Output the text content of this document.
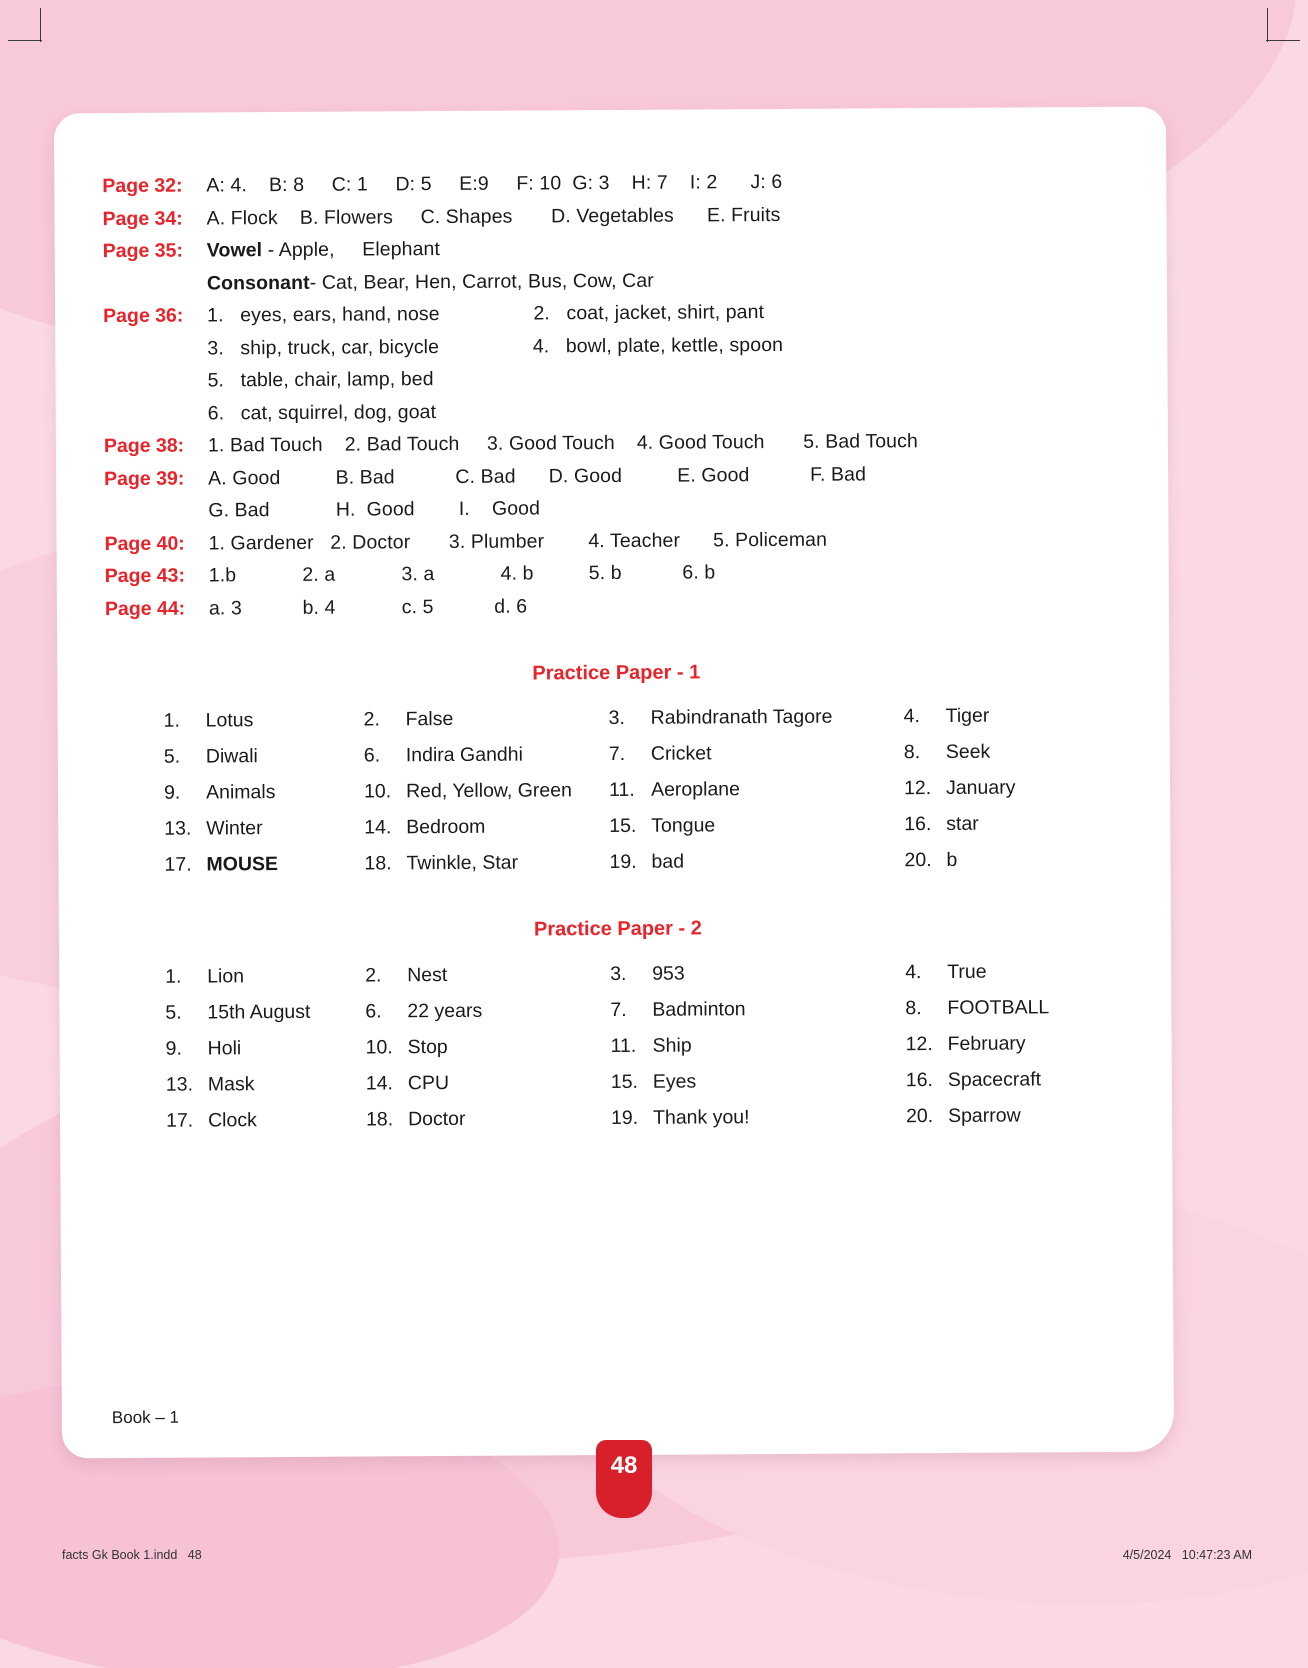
Page 32:	A: 4.    B: 8     C: 1     D: 5     E:9     F: 10  G: 3    H: 7    I: 2      J: 6
Page 34:	A. Flock    B. Flowers     C. Shapes       D. Vegetables      E. Fruits
Page 35:	Vowel - Apple,     Elephant

Consonant- Cat, Bear, Hen, Carrot, Bus, Cow, Car
Page 36:	1.   eyes, ears, hand, nose                 2.   coat, jacket, shirt, pant

3.   ship, truck, car, bicycle                 4.   bowl, plate, kettle, spoon

5.   table, chair, lamp, bed

6.   cat, squirrel, dog, goat
Page 38:	1. Bad Touch    2. Bad Touch     3. Good Touch    4. Good Touch       5. Bad Touch
Page 39:	A. Good          B. Bad           C. Bad      D. Good          E. Good           F. Bad

G. Bad            H.  Good        I.    Good
Page 40:	1. Gardener   2. Doctor       3. Plumber        4. Teacher      5. Policeman
Page 43:	1.b            2. a            3. a            4. b          5. b           6. b
Page 44:	a. 3           b. 4            c. 5           d. 6
Practice Paper - 1
1.	Lotus	2.	False	3.	Rabindranath Tagore	4.	Tiger
5.	Diwali	6.	Indira Gandhi	7.	Cricket	8.	Seek
9.	Animals	10. Red, Yellow, Green 11. Aeroplane	12. January
13. Winter	14. Bedroom	15. Tongue	16. star
17. MOUSE	18. Twinkle, Star	19. bad	20. b
Practice Paper - 2
1.	Lion	2.	Nest	3.	953	4.	True
5.	15th August	6.	22 years	7.	Badminton	8.	FOOTBALL
9.	Holi	10. Stop	11. Ship	12. February
13. Mask	14. CPU	15. Eyes	16. Spacecraft
17. Clock	18. Doctor	19. Thank you!	20. Sparrow
Book – 1
48
facts Gk Book 1.indd   48	4/5/2024   10:47:23 AM
